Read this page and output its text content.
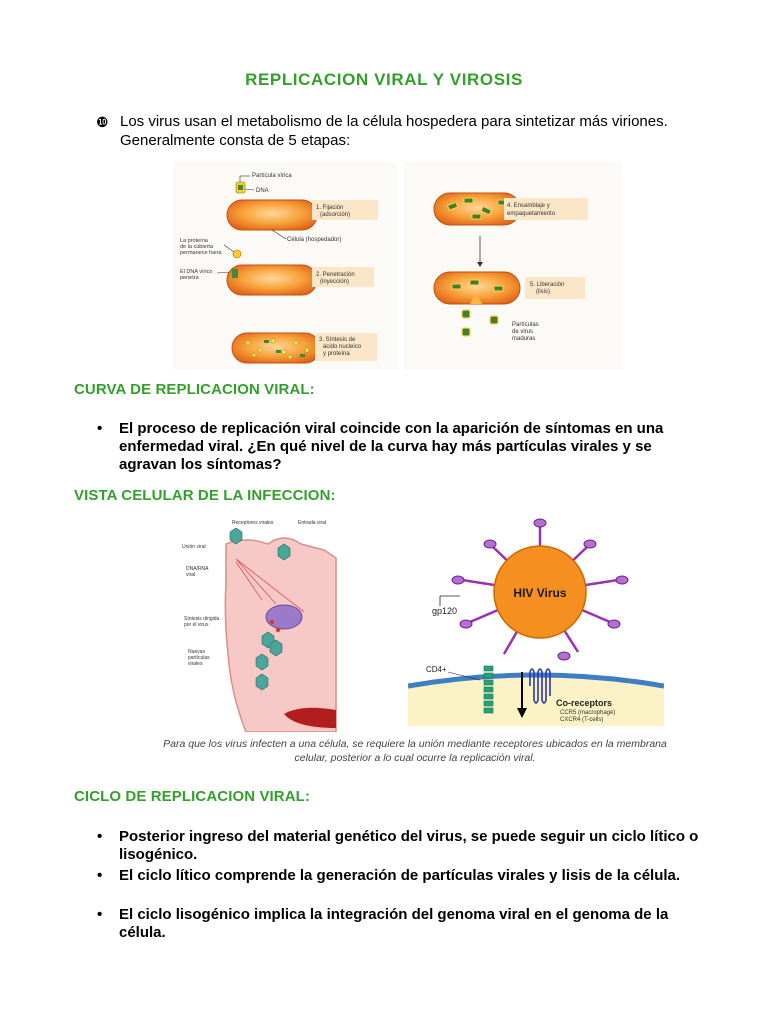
REPLICACION VIRAL Y VIROSIS
❿ Los virus usan el metabolismo de la célula hospedera para sintetizar más viriones. Generalmente consta de 5 etapas:
Partícula vírica
DNA
1. Fijación
(adsorción)
Célula (hospedador)
La proteína
de la cubierta
permanece fuera
El DNA vírico
penetra	2. Penetración
(inyección)
3. Síntesis de
ácido nucleico
y proteína
4. Ensamblaje y
empaquetamiento
5. Liberación
(lisis)
Partículas
de virus
maduras
CURVA DE REPLICACION VIRAL:
• El proceso de replicación viral coincide con la aparición de síntomas en una enfermedad viral. ¿En qué nivel de la curva hay más partículas virales y se agravan los síntomas?
VISTA CELULAR DE LA INFECCION:
Receptores virales	Entrada viral
Unión viral
DNA/RNA
viral
Síntesis dirigida
por el virus
Nuevas
partículas
virales
HIV Virus
gp120
CD4+
Co-receptors
CCR5 (macrophage)
CXCR4 (T-cells)
Para que los virus infecten a una célula, se requiere la unión mediante receptores ubicados en la membrana celular, posterior a lo cual ocurre la replicación viral.
CICLO DE REPLICACION VIRAL:
• Posterior ingreso del material genético del virus, se puede seguir un ciclo lítico o lisogénico.
• El ciclo lítico comprende la generación de partículas virales y lisis de la célula.
• El ciclo lisogénico implica la integración del genoma viral en el genoma de la célula.
